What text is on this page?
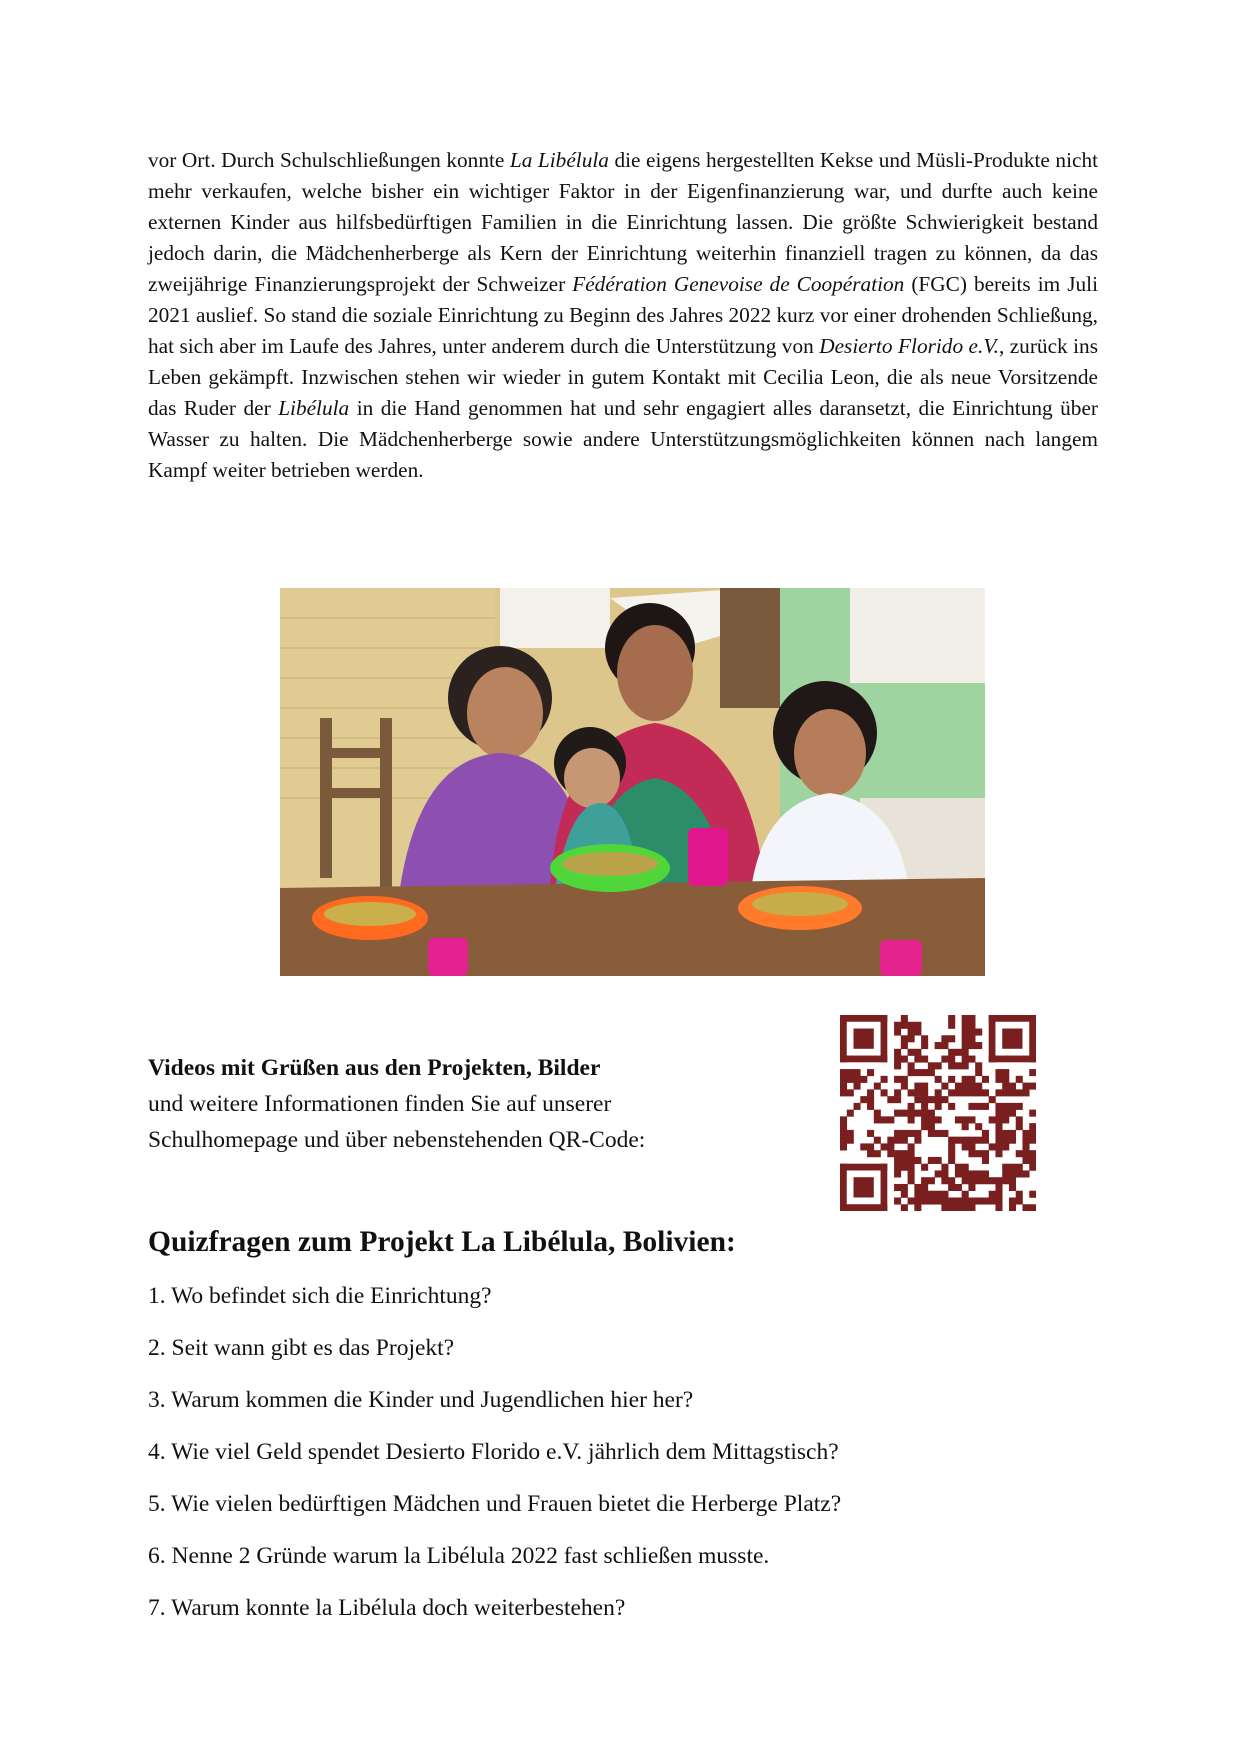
vor Ort. Durch Schulschließungen konnte La Libélula die eigens hergestellten Kekse und Müsli-Produkte nicht mehr verkaufen, welche bisher ein wichtiger Faktor in der Eigenfinanzierung war, und durfte auch keine externen Kinder aus hilfsbedürftigen Familien in die Einrichtung lassen. Die größte Schwierigkeit bestand jedoch darin, die Mädchenherberge als Kern der Einrichtung weiterhin finanziell tragen zu können, da das zweijährige Finanzierungsprojekt der Schweizer Fédération Genevoise de Coopération (FGC) bereits im Juli 2021 auslief. So stand die soziale Einrichtung zu Beginn des Jahres 2022 kurz vor einer drohenden Schließung, hat sich aber im Laufe des Jahres, unter anderem durch die Unterstützung von Desierto Florido e.V., zurück ins Leben gekämpft. Inzwischen stehen wir wieder in gutem Kontakt mit Cecilia Leon, die als neue Vorsitzende das Ruder der Libélula in die Hand genommen hat und sehr engagiert alles daransetzt, die Einrichtung über Wasser zu halten. Die Mädchenherberge sowie andere Unterstützungsmöglichkeiten können nach langem Kampf weiter betrieben werden.

Videos mit Grüßen aus den Projekten, Bilder
und weitere Informationen finden Sie auf unserer
Schulhomepage und über nebenstehenden QR-Code:
Quizfragen zum Projekt La Libélula, Bolivien:
1. Wo befindet sich die Einrichtung?
2. Seit wann gibt es das Projekt?
3. Warum kommen die Kinder und Jugendlichen hier her?
4. Wie viel Geld spendet Desierto Florido e.V. jährlich dem Mittagstisch?
5. Wie vielen bedürftigen Mädchen und Frauen bietet die Herberge Platz?
6. Nenne 2 Gründe warum la Libélula 2022 fast schließen musste.
7. Warum konnte la Libélula doch weiterbestehen?
